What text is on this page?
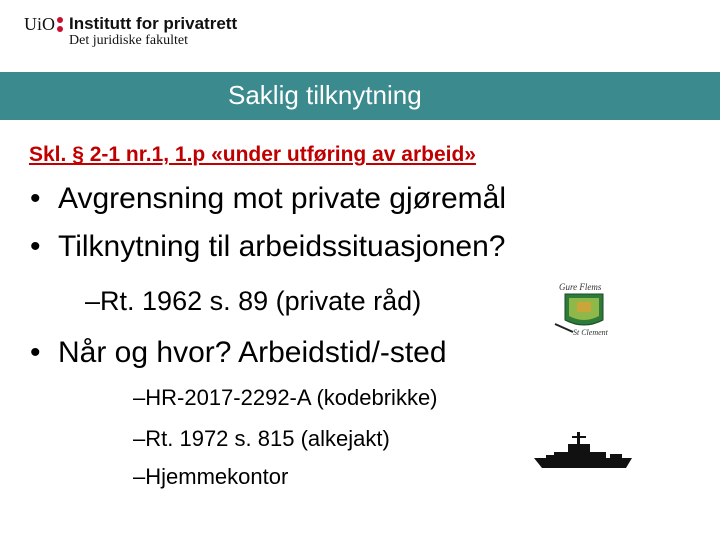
UiO Institutt for privatrett
Det juridiske fakultet
Saklig tilknytning
Skl. § 2-1 nr.1, 1.p «under utføring av arbeid»
• Avgrensning mot private gjøremål
• Tilknytning til arbeidssituasjonen?
–Rt. 1962 s. 89 (private råd)
• Når og hvor? Arbeidstid/-sted
–HR-2017-2292-A (kodebrikke)
–Rt. 1972 s. 815 (alkejakt)
–Hjemmekontor
Gure Flems
St Clement
